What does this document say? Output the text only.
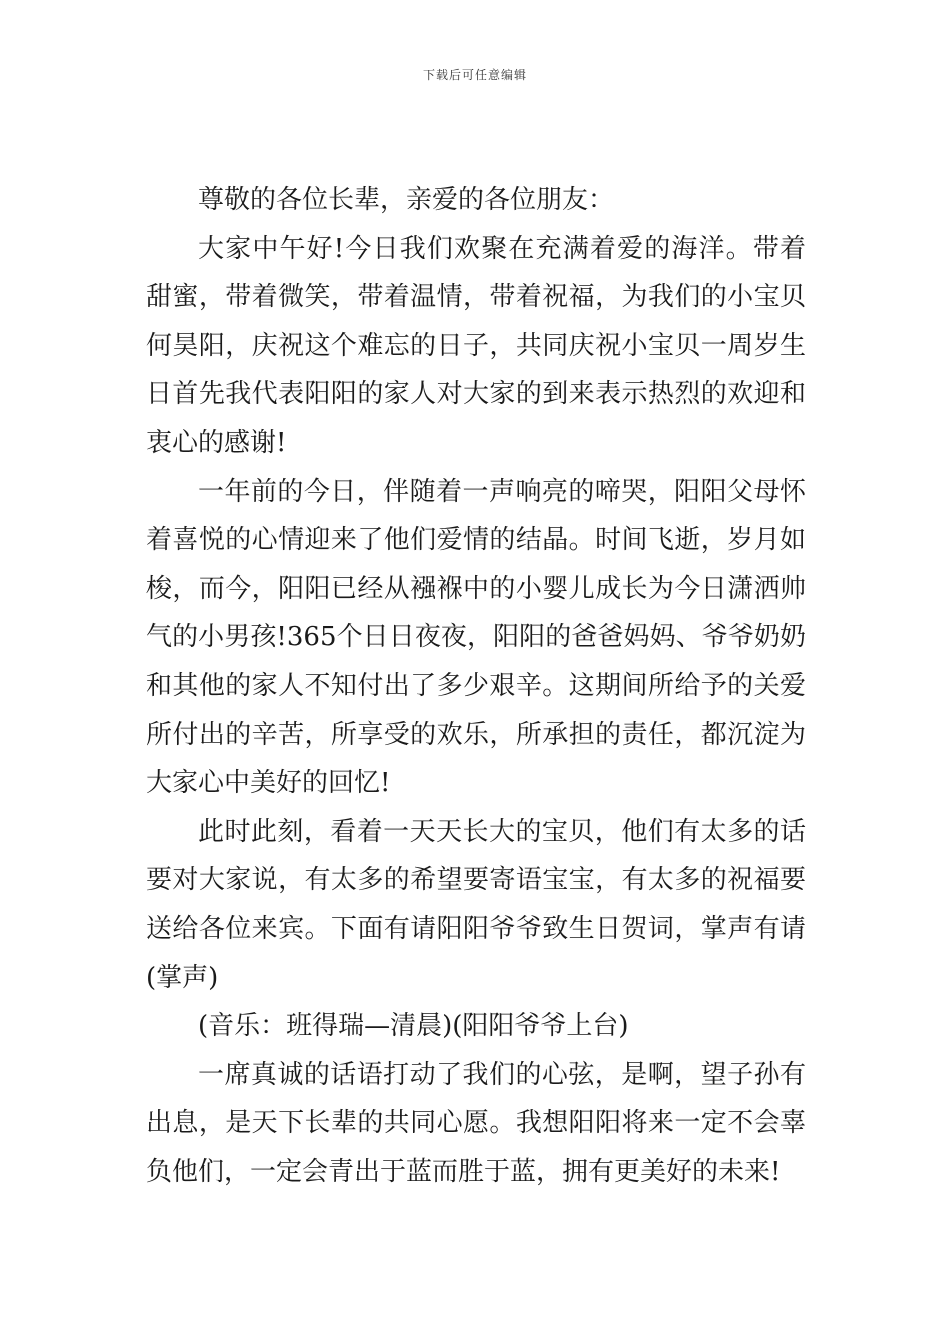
下载后可任意编辑

尊敬的各位长辈，亲爱的各位朋友：

大家中午好!今日我们欢聚在充满着爱的海洋。带着甜蜜，带着微笑，带着温情，带着祝福，为我们的小宝贝何昊阳，庆祝这个难忘的日子，共同庆祝小宝贝一周岁生日首先我代表阳阳的家人对大家的到来表示热烈的欢迎和衷心的感谢!

一年前的今日，伴随着一声响亮的啼哭，阳阳父母怀着喜悦的心情迎来了他们爱情的结晶。时间飞逝，岁月如梭，而今，阳阳已经从襁褓中的小婴儿成长为今日潇洒帅气的小男孩!365个日日夜夜，阳阳的爸爸妈妈、爷爷奶奶和其他的家人不知付出了多少艰辛。这期间所给予的关爱所付出的辛苦，所享受的欢乐，所承担的责任，都沉淀为大家心中美好的回忆!

此时此刻，看着一天天长大的宝贝，他们有太多的话要对大家说，有太多的希望要寄语宝宝，有太多的祝福要送给各位来宾。下面有请阳阳爷爷致生日贺词，掌声有请(掌声)

(音乐：班得瑞—清晨)(阳阳爷爷上台)

一席真诚的话语打动了我们的心弦，是啊，望子孙有出息，是天下长辈的共同心愿。我想阳阳将来一定不会辜负他们，一定会青出于蓝而胜于蓝，拥有更美好的未来!
